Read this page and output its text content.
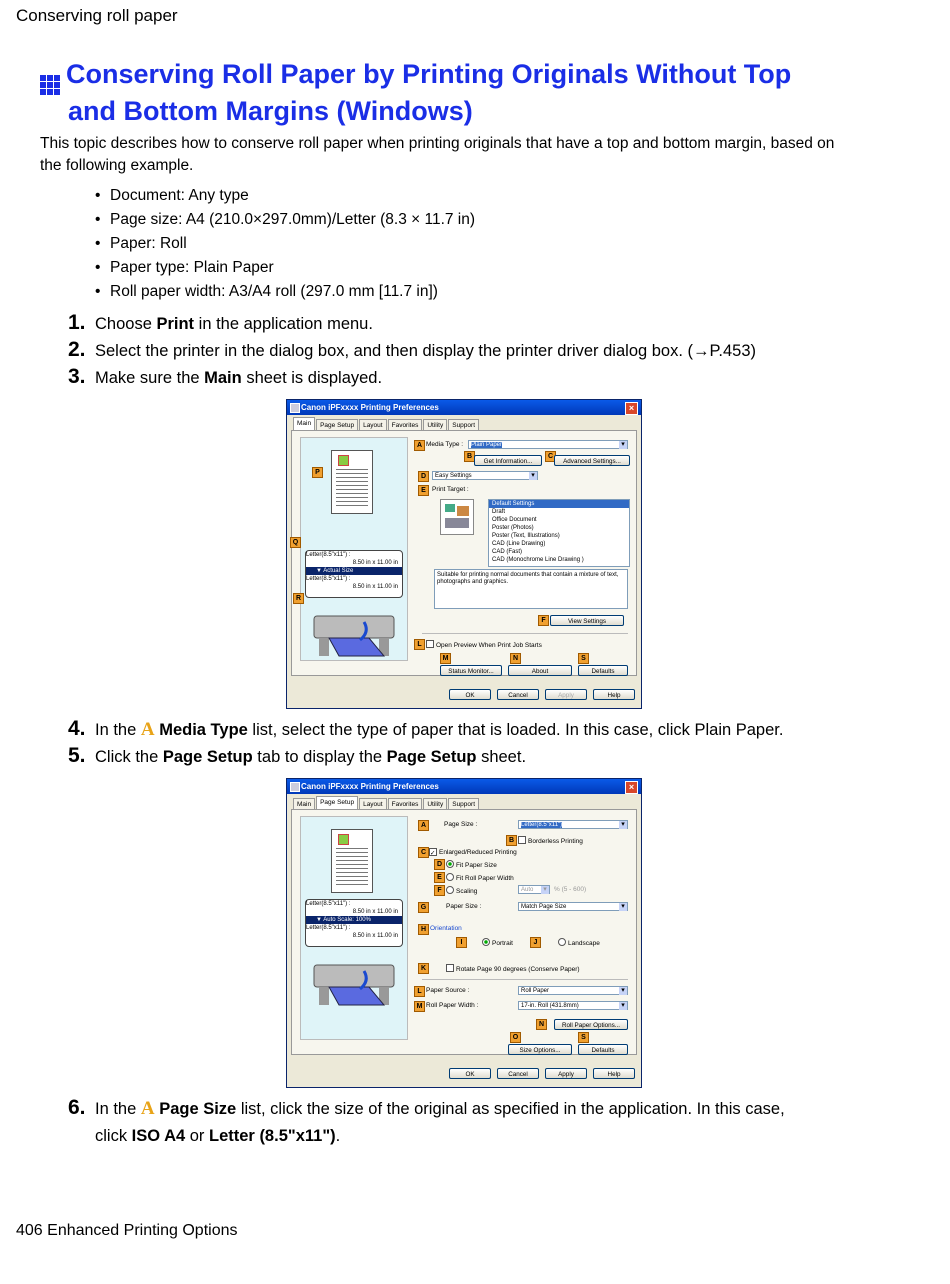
Conserving roll paper
Conserving Roll Paper by Printing Originals Without Top
and Bottom Margins (Windows)
This topic describes how to conserve roll paper when printing originals that have a top and bottom margin, based on the following example.
• Document: Any type
• Page size: A4 (210.0×297.0mm)/Letter (8.3 × 11.7 in)
• Paper: Roll
• Paper type: Plain Paper
• Roll paper width: A3/A4 roll (297.0 mm [11.7 in])
1. Choose Print in the application menu.
2. Select the printer in the dialog box, and then display the printer driver dialog box. (→P.453)
3. Make sure the Main sheet is displayed.
Canon iPFxxxx Printing Preferences	×
Main Page Setup Layout Favorites Utility Support
Letter(8.5"x11") :
8.50 in x 11.00 in
▼ Actual Size
Letter(8.5"x11") :
8.50 in x 11.00 in
P
Q
R
A Media Type :	Plain Paper ▾
B	C
Get Information...	Advanced Settings...
D	Easy Settings ▾
E Print Target :
Default Settings
Draft
Office Document
Poster (Photos)
Poster (Text, Illustrations)
CAD (Line Drawing)
CAD (Fast)
CAD (Monochrome Line Drawing )
Suitable for printing normal documents that contain a mixture of text, photographs and graphics.
F	View Settings
L	Open Preview When Print Job Starts
M	N	S
Status Monitor...	About	Defaults
OK	Cancel	Apply	Help
4. In the A Media Type list, select the type of paper that is loaded. In this case, click Plain Paper.
5. Click the Page Setup tab to display the Page Setup sheet.
Canon iPFxxxx Printing Preferences	×
Main Page Setup Layout Favorites Utility Support
Letter(8.5"x11") :
8.50 in x 11.00 in
▼ Auto Scale: 100%
Letter(8.5"x11") :
8.50 in x 11.00 in
A	Page Size :	Letter(8.5"x11") ▾
B	Borderless Printing
C ✓ Enlarged/Reduced Printing
D	Fit Paper Size
E	Fit Roll Paper Width
F	Scaling	Auto ▾	% (5 - 600)
G	Paper Size :	Match Page Size ▾
H Orientation
I	Portrait	J	Landscape
K	Rotate Page 90 degrees (Conserve Paper)
L Paper Source :	Roll Paper ▾
M Roll Paper Width :	17-in. Roll (431.8mm) ▾
N	Roll Paper Options...
O	S
Size Options...	Defaults
OK	Cancel	Apply	Help
6. In the A Page Size list, click the size of the original as specified in the application. In this case,
click ISO A4 or Letter (8.5"x11").
406 Enhanced Printing Options
